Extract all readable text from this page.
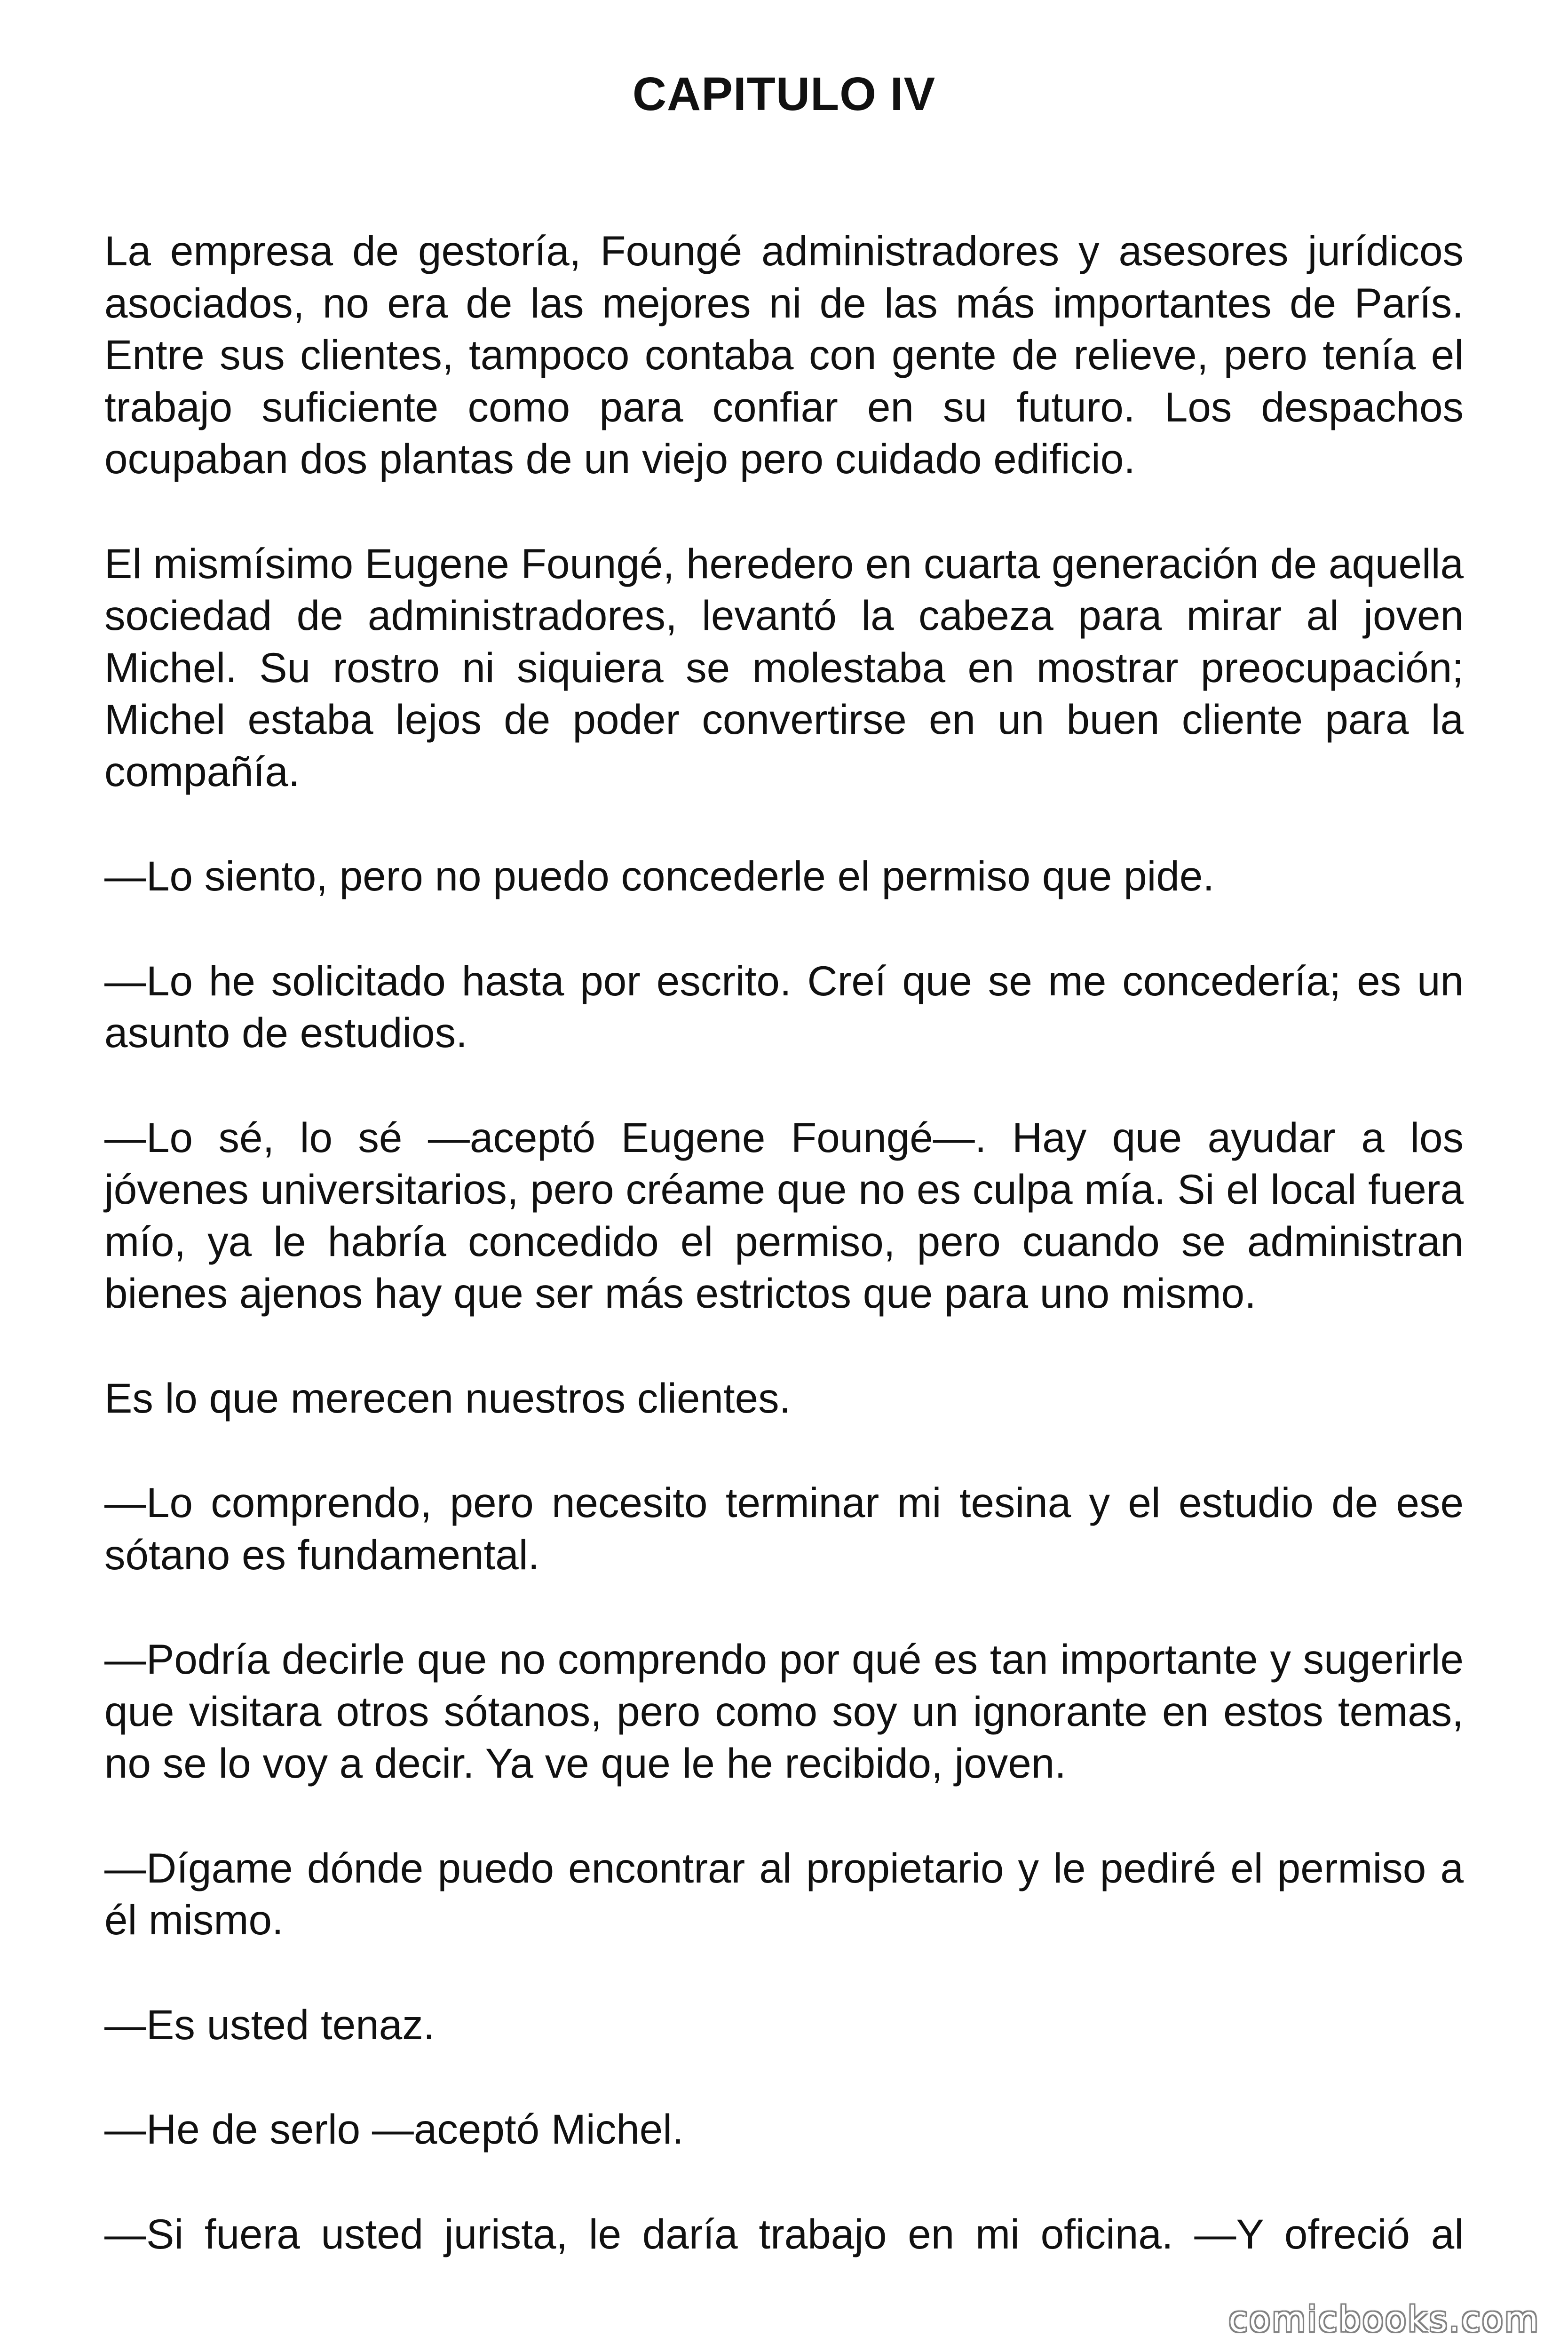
CAPITULO IV

La empresa de gestoría, Foungé administradores y asesores jurídicos asociados, no era de las mejores ni de las más importantes de París. Entre sus clientes, tampoco contaba con gente de relieve, pero tenía el trabajo suficiente como para confiar en su futuro. Los despachos ocupaban dos plantas de un viejo pero cuidado edificio.

El mismísimo Eugene Foungé, heredero en cuarta generación de aquella sociedad de administradores, levantó la cabeza para mirar al joven Michel. Su rostro ni siquiera se molestaba en mostrar preocupación; Michel estaba lejos de poder convertirse en un buen cliente para la compañía.

—Lo siento, pero no puedo concederle el permiso que pide.

—Lo he solicitado hasta por escrito. Creí que se me concedería; es un asunto de estudios.

—Lo sé, lo sé —aceptó Eugene Foungé—. Hay que ayudar a los jóvenes universitarios, pero créame que no es culpa mía. Si el local fuera mío, ya le habría concedido el permiso, pero cuando se administran bienes ajenos hay que ser más estrictos que para uno mismo.

Es lo que merecen nuestros clientes.

—Lo comprendo, pero necesito terminar mi tesina y el estudio de ese sótano es fundamental.

—Podría decirle que no comprendo por qué es tan importante y sugerirle que visitara otros sótanos, pero como soy un ignorante en estos temas, no se lo voy a decir. Ya ve que le he recibido, joven.

—Dígame dónde puedo encontrar al propietario y le pediré el permiso a él mismo.

—Es usted tenaz.

—He de serlo —aceptó Michel.

—Si fuera usted jurista, le daría trabajo en mi oficina. —Y ofreció al

comicbooks.com
